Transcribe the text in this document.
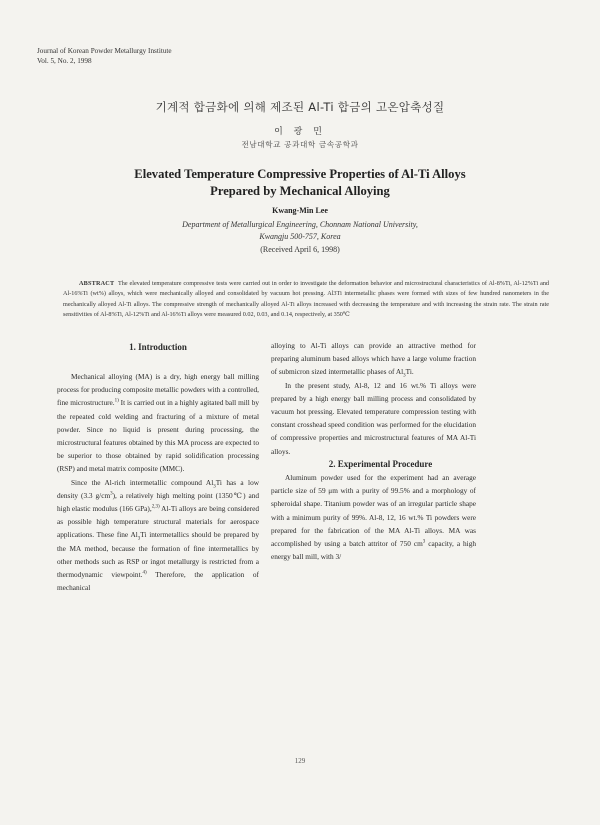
Journal of Korean Powder Metallurgy Institute
Vol. 5, No. 2, 1998
기계적 합금화에 의해 제조된 Al-Ti 합금의 고온압축성질
이 광 민
전남대학교 공과대학 금속공학과
Elevated Temperature Compressive Properties of Al-Ti Alloys
Prepared by Mechanical Alloying
Kwang-Min Lee
Department of Metallurgical Engineering, Chonnam National University,
Kwangju 500-757, Korea
(Received April 6, 1998)
ABSTRACT The elevated temperature compressive tests were carried out in order to investigate the deformation behavior and microstructural characteristics of Al-8%Ti, Al-12%Ti and Al-16%Ti (wt%) alloys, which were mechanically alloyed and consolidated by vacuum hot pressing. Al3Ti intermetallic phases were formed with sizes of few hundred nanometers in the mechanically alloyed Al-Ti alloys. The compressive strength of mechanically alloyed Al-Ti alloys increased with decreasing the temperature and with increasing the strain rate. The strain rate sensitivities of Al-8%Ti, Al-12%Ti and Al-16%Ti alloys were measured 0.02, 0.03, and 0.14, respectively, at 350℃

1. Introduction

Mechanical alloying (MA) is a dry, high energy ball milling process for producing composite metallic powders with a controlled, fine microstructure.$^{1)}$ It is carried out in a highly agitated ball mill by the repeated cold welding and fracturing of a mixture of metal powder. Since no liquid is present during processing, the microstructural features obtained by this MA process are expected to be superior to those obtained by rapid solidification processing (RSP) and metal matrix composite (MMC).

Since the Al-rich intermetallic compound $Al_3Ti$ has a low density (3.3 $g/cm^3$), a relatively high melting point (1350℃) and high elastic modulus (166 GPa),$^{2,3)}$ Al-Ti alloys are being considered as possible high temperature structural materials for aerospace applications. These fine $Al_3Ti$ intermetallics should be prepared by the MA method, because the formation of fine intermetallics by other methods such as RSP or ingot metallurgy is restricted from a thermodynamic viewpoint.$^{4)}$ Therefore, the application of mechanical

alloying to Al-Ti alloys can provide an attractive method for preparing aluminum based alloys which have a large volume fraction of submicron sized intermetallic phases of $Al_3Ti$.

In the present study, Al-8, 12 and 16 wt.% Ti alloys were prepared by a high energy ball milling process and consolidated by vacuum hot pressing. Elevated temperature compression testing with constant crosshead speed condition was performed for the elucidation of compressive properties and microstructural features of MA Al-Ti alloys.

2. Experimental Procedure

Aluminum powder used for the experiment had an average particle size of 59 μm with a purity of 99.5% and a morphology of spheroidal shape. Titanium powder was of an irregular particle shape with a minimum purity of 99%. Al-8, 12, 16 wt.% Ti powders were prepared for the fabrication of the MA Al-Ti alloys. MA was accomplished by using a batch attritor of 750 $cm^3$ capacity, a high energy ball mill, with 3/

129
